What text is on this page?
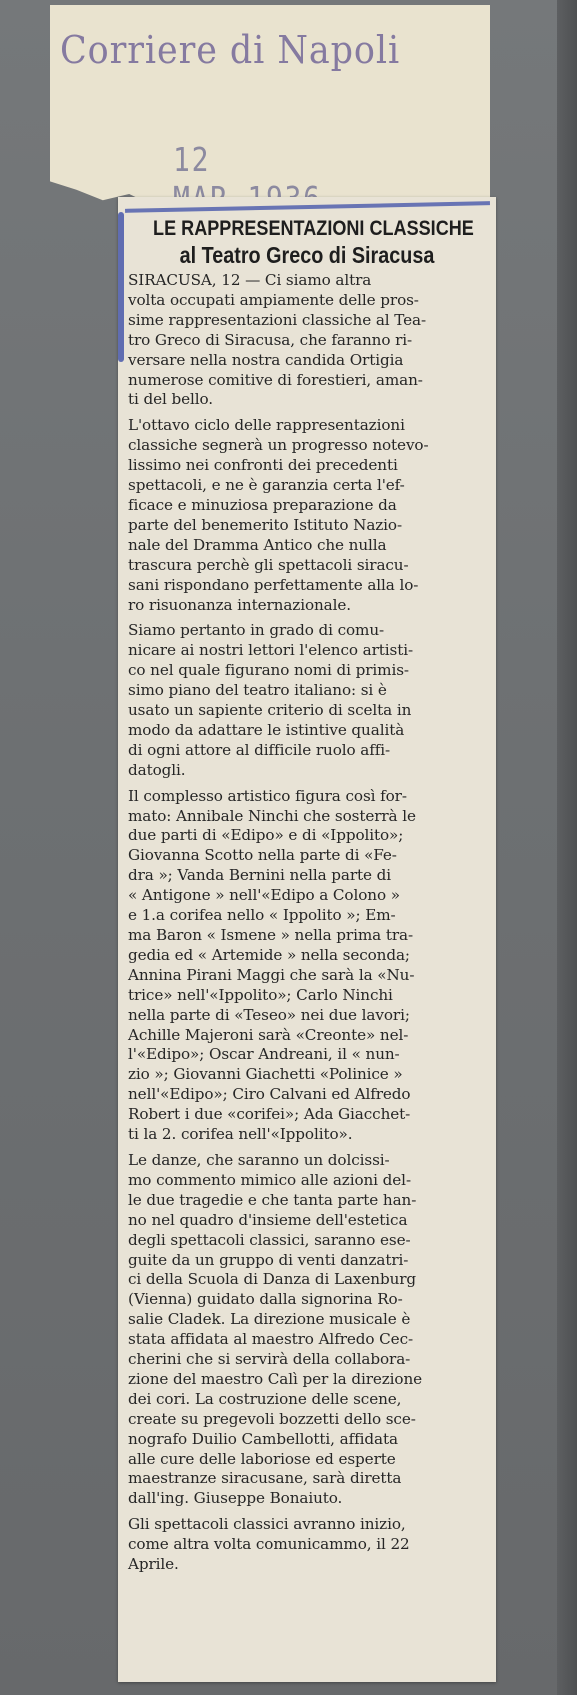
Corriere di Napoli
12
LE RAPPRESENTAZIONI CLASSICHE
al Teatro Greco di Siracusa

SIRACUSA, 12 — Ci siamo altra
volta occupati ampiamente delle pros-
sime rappresentazioni classiche al Tea-
tro Greco di Siracusa, che faranno ri-
versare nella nostra candida Ortigia
numerose comitive di forestieri, aman-
ti del bello.

L'ottavo ciclo delle rappresentazioni
classiche segnerà un progresso notevo-
lissimo nei confronti dei precedenti
spettacoli, e ne è garanzia certa l'ef-
ficace e minuziosa preparazione da
parte del benemerito Istituto Nazio-
nale del Dramma Antico che nulla
trascura perchè gli spettacoli siracu-
sani rispondano perfettamente alla lo-
ro risuonanza internazionale.

Siamo pertanto in grado di comu-
nicare ai nostri lettori l'elenco artisti-
co nel quale figurano nomi di primis-
simo piano del teatro italiano: si è
usato un sapiente criterio di scelta in
modo da adattare le istintive qualità
di ogni attore al difficile ruolo affi-
datogli.

Il complesso artistico figura così for-
mato: Annibale Ninchi che sosterrà le
due parti di «Edipo» e di «Ippolito»;
Giovanna Scotto nella parte di «Fe-
dra »; Vanda Bernini nella parte di
« Antigone » nell'«Edipo a Colono »
e 1.a corifea nello « Ippolito »; Em-
ma Baron « Ismene » nella prima tra-
gedia ed « Artemide » nella seconda;
Annina Pirani Maggi che sarà la «Nu-
trice» nell'«Ippolito»; Carlo Ninchi
nella parte di «Teseo» nei due lavori;
Achille Majeroni sarà «Creonte» nel-
l'«Edipo»; Oscar Andreani, il « nun-
zio »; Giovanni Giachetti «Polinice »
nell'«Edipo»; Ciro Calvani ed Alfredo
Robert i due «corifei»; Ada Giacchet-
ti la 2. corifea nell'«Ippolito».

Le danze, che saranno un dolcissi-
mo commento mimico alle azioni del-
le due tragedie e che tanta parte han-
no nel quadro d'insieme dell'estetica
degli spettacoli classici, saranno ese-
guite da un gruppo di venti danzatri-
ci della Scuola di Danza di Laxenburg
(Vienna) guidato dalla signorina Ro-
salie Cladek. La direzione musicale è
stata affidata al maestro Alfredo Cec-
cherini che si servirà della collabora-
zione del maestro Calì per la direzione
dei cori. La costruzione delle scene,
create su pregevoli bozzetti dello sce-
nografo Duilio Cambellotti, affidata
alle cure delle laboriose ed esperte
maestranze siracusane, sarà diretta
dall'ing. Giuseppe Bonaiuto.

Gli spettacoli classici avranno inizio,
come altra volta comunicammo, il 22
Aprile.
